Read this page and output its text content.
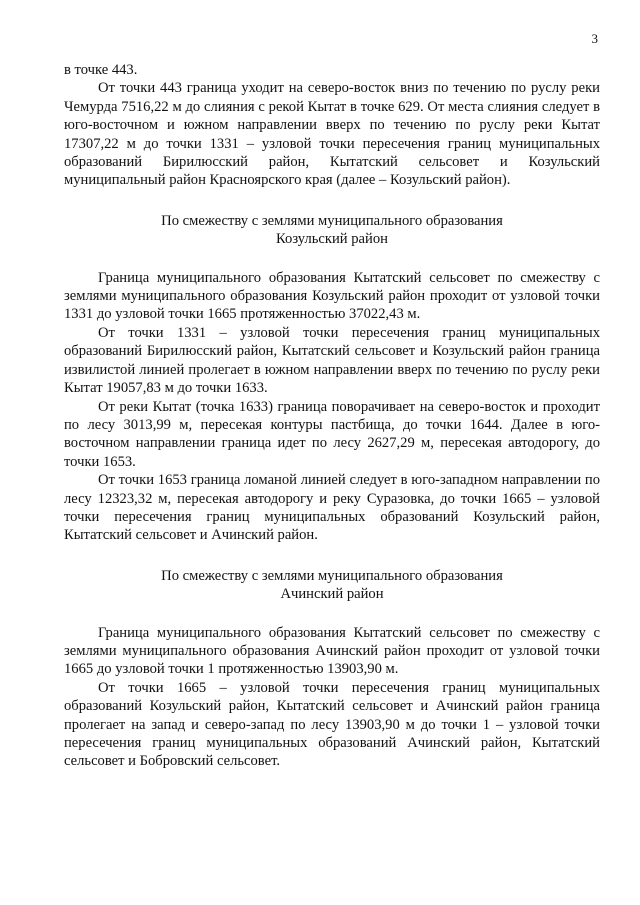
3

в точке 443.

От точки 443 граница уходит на северо-восток вниз по течению по руслу реки Чемурда 7516,22 м до слияния с рекой Кытат в точке 629. От места слияния следует в юго-восточном и южном направлении вверх по течению по руслу реки Кытат 17307,22 м до точки 1331 – узловой точки пересечения границ муниципальных образований Бирилюсский район, Кытатский сельсовет и Козульский муниципальный район Красноярского края (далее – Козульский район).

По смежеству с землями муниципального образования
Козульский район

Граница муниципального образования Кытатский сельсовет по смежеству с землями муниципального образования Козульский район проходит от узловой точки 1331 до узловой точки 1665 протяженностью 37022,43 м.

От точки 1331 – узловой точки пересечения границ муниципальных образований Бирилюсский район, Кытатский сельсовет и Козульский район граница извилистой линией пролегает в южном направлении вверх по течению по руслу реки Кытат 19057,83 м до точки 1633.

От реки Кытат (точка 1633) граница поворачивает на северо-восток и проходит по лесу 3013,99 м, пересекая контуры пастбища, до точки 1644. Далее в юго-восточном направлении граница идет по лесу 2627,29 м, пересекая автодорогу, до точки 1653.

От точки 1653 граница ломаной линией следует в юго-западном направлении по лесу 12323,32 м, пересекая автодорогу и реку Суразовка, до точки 1665 – узловой точки пересечения границ муниципальных образований Козульский район, Кытатский сельсовет и Ачинский район.

По смежеству с землями муниципального образования
Ачинский район

Граница муниципального образования Кытатский сельсовет по смежеству с землями муниципального образования Ачинский район проходит от узловой точки 1665 до узловой точки 1 протяженностью 13903,90 м.

От точки 1665 – узловой точки пересечения границ муниципальных образований Козульский район, Кытатский сельсовет и Ачинский район граница пролегает на запад и северо-запад по лесу 13903,90 м до точки 1 – узловой точки пересечения границ муниципальных образований Ачинский район, Кытатский сельсовет и Бобровский сельсовет.
